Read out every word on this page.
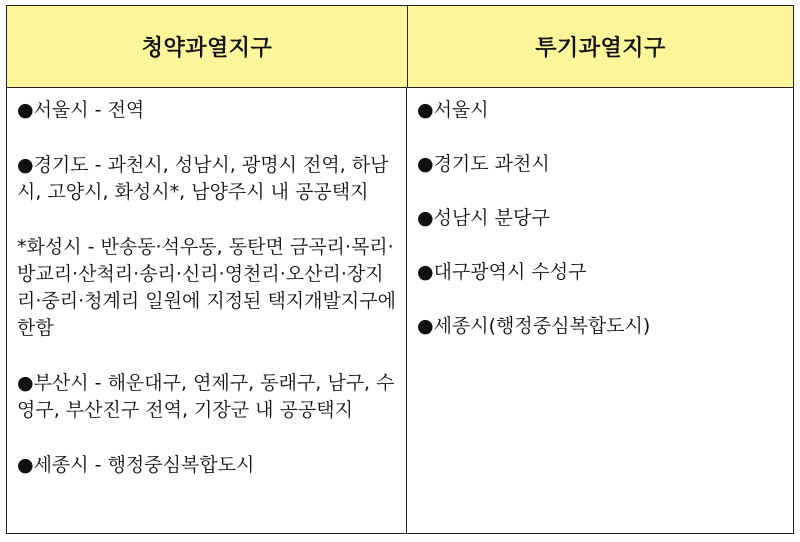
청약과열지구	투기과열지구

●서울시 - 전역

●경기도 - 과천시, 성남시, 광명시 전역, 하남시, 고양시, 화성시*, 남양주시 내 공공택지

*화성시 - 반송동·석우동, 동탄면 금곡리·목리·방교리·산척리·송리·신리·영천리·오산리·장지리·중리·청계리 일원에 지정된 택지개발지구에 한함

●부산시 - 해운대구, 연제구, 동래구, 남구, 수영구, 부산진구 전역, 기장군 내 공공택지

●세종시 - 행정중심복합도시

●서울시

●경기도 과천시

●성남시 분당구

●대구광역시 수성구

●세종시(행정중심복합도시)
